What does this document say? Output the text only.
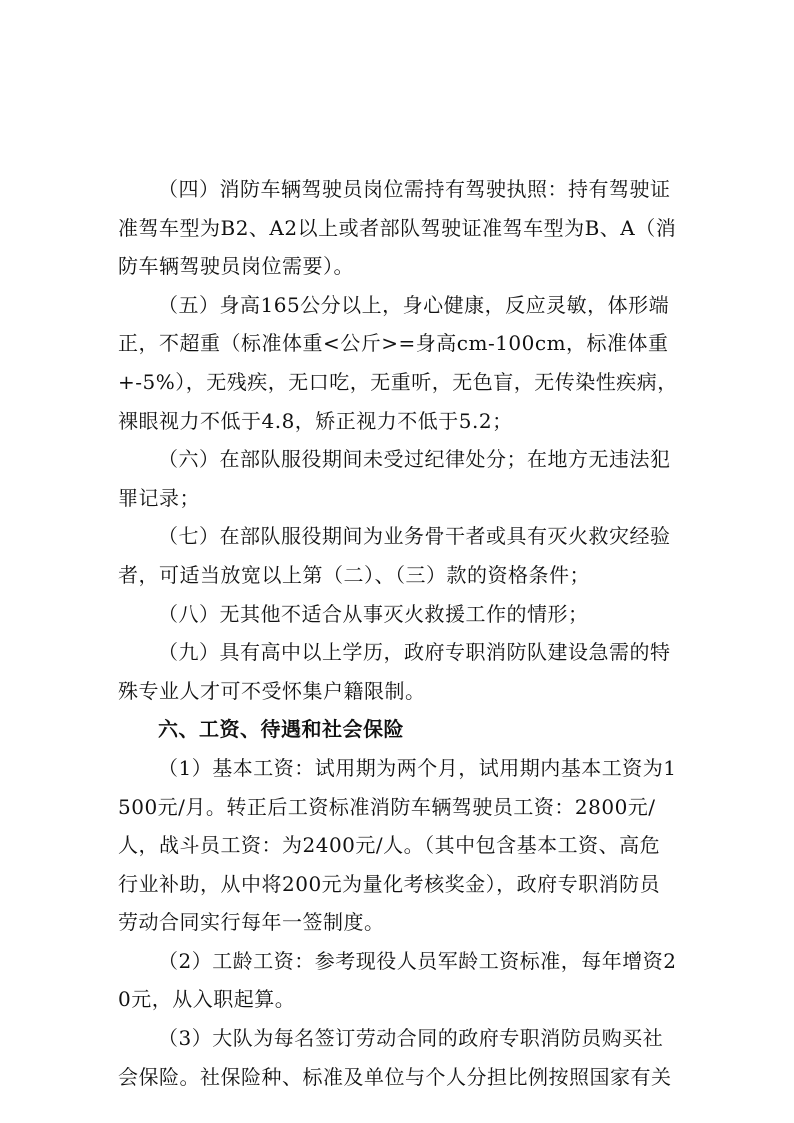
（四）消防车辆驾驶员岗位需持有驾驶执照：持有驾驶证准驾车型为B2、A2以上或者部队驾驶证准驾车型为B、A（消防车辆驾驶员岗位需要）。

（五）身高165公分以上，身心健康，反应灵敏，体形端正，不超重（标准体重<公斤>=身高cm-100cm，标准体重+-5%），无残疾，无口吃，无重听，无色盲，无传染性疾病，裸眼视力不低于4.8，矫正视力不低于5.2；

（六）在部队服役期间未受过纪律处分；在地方无违法犯罪记录；

（七）在部队服役期间为业务骨干者或具有灭火救灾经验者，可适当放宽以上第（二）、（三）款的资格条件；

（八）无其他不适合从事灭火救援工作的情形；

（九）具有高中以上学历，政府专职消防队建设急需的特殊专业人才可不受怀集户籍限制。

六、工资、待遇和社会保险

（1）基本工资：试用期为两个月，试用期内基本工资为1500元/月。转正后工资标准消防车辆驾驶员工资：2800元/人，战斗员工资：为2400元/人。（其中包含基本工资、高危行业补助，从中将200元为量化考核奖金），政府专职消防员劳动合同实行每年一签制度。

（2）工龄工资：参考现役人员军龄工资标准，每年增资20元，从入职起算。

（3）大队为每名签订劳动合同的政府专职消防员购买社会保险。社保险种、标准及单位与个人分担比例按照国家有关
